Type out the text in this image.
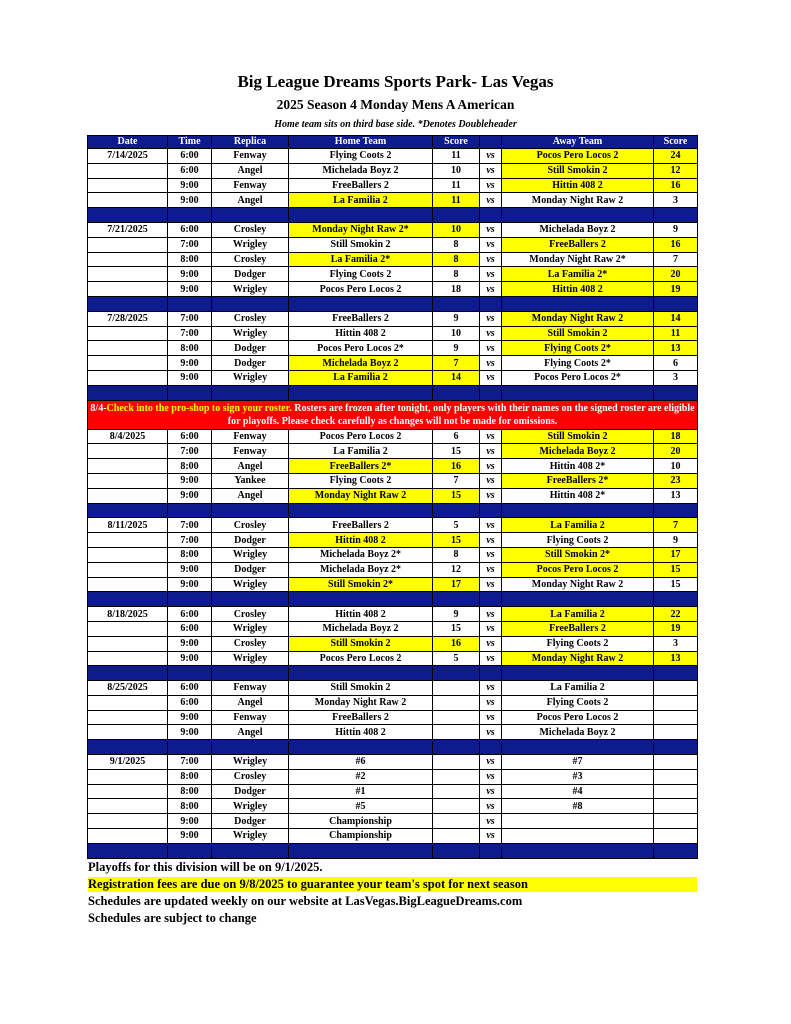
Big League Dreams Sports Park- Las Vegas
2025 Season 4 Monday Mens A American
Home team sits on third base side. *Denotes Doubleheader
Date	Time	Replica	Home Team	Score		Away Team	Score
7/14/2025	6:00	Fenway	Flying Coots 2	11	vs	Pocos Pero Locos 2	24
	6:00	Angel	Michelada Boyz 2	10	vs	Still Smokin 2	12
	9:00	Fenway	FreeBallers 2	11	vs	Hittin 408 2	16
	9:00	Angel	La Familia 2	11	vs	Monday Night Raw 2	3

7/21/2025	6:00	Crosley	Monday Night Raw 2*	10	vs	Michelada Boyz 2	9
	7:00	Wrigley	Still Smokin 2	8	vs	FreeBallers 2	16
	8:00	Crosley	La Familia 2*	8	vs	Monday Night Raw 2*	7
	9:00	Dodger	Flying Coots 2	8	vs	La Familia 2*	20
	9:00	Wrigley	Pocos Pero Locos 2	18	vs	Hittin 408 2	19

7/28/2025	7:00	Crosley	FreeBallers 2	9	vs	Monday Night Raw 2	14
	7:00	Wrigley	Hittin 408 2	10	vs	Still Smokin 2	11
	8:00	Dodger	Pocos Pero Locos 2*	9	vs	Flying Coots 2*	13
	9:00	Dodger	Michelada Boyz 2	7	vs	Flying Coots 2*	6
	9:00	Wrigley	La Familia 2	14	vs	Pocos Pero Locos 2*	3

8/4-Check into the pro-shop to sign your roster. Rosters are frozen after tonight, only players with their names on the signed roster are eligible for playoffs. Please check carefully as changes will not be made for omissions.							
8/4/2025	6:00	Fenway	Pocos Pero Locos 2	6	vs	Still Smokin 2	18
	7:00	Fenway	La Familia 2	15	vs	Michelada Boyz 2	20
	8:00	Angel	FreeBallers 2*	16	vs	Hittin 408 2*	10
	9:00	Yankee	Flying Coots 2	7	vs	FreeBallers 2*	23
	9:00	Angel	Monday Night Raw 2	15	vs	Hittin 408 2*	13

8/11/2025	7:00	Crosley	FreeBallers 2	5	vs	La Familia 2	7
	7:00	Dodger	Hittin 408 2	15	vs	Flying Coots 2	9
	8:00	Wrigley	Michelada Boyz 2*	8	vs	Still Smokin 2*	17
	9:00	Dodger	Michelada Boyz 2*	12	vs	Pocos Pero Locos 2	15
	9:00	Wrigley	Still Smokin 2*	17	vs	Monday Night Raw 2	15

8/18/2025	6:00	Crosley	Hittin 408 2	9	vs	La Familia 2	22
	6:00	Wrigley	Michelada Boyz 2	15	vs	FreeBallers 2	19
	9:00	Crosley	Still Smokin 2	16	vs	Flying Coots 2	3
	9:00	Wrigley	Pocos Pero Locos 2	5	vs	Monday Night Raw 2	13

8/25/2025	6:00	Fenway	Still Smokin 2		vs	La Familia 2	
	6:00	Angel	Monday Night Raw 2		vs	Flying Coots 2	
	9:00	Fenway	FreeBallers 2		vs	Pocos Pero Locos 2	
	9:00	Angel	Hittin 408 2		vs	Michelada Boyz 2	

9/1/2025	7:00	Wrigley	#6		vs	#7	
	8:00	Crosley	#2		vs	#3	
	8:00	Dodger	#1		vs	#4	
	8:00	Wrigley	#5		vs	#8	
	9:00	Dodger	Championship		vs		
	9:00	Wrigley	Championship		vs		

Playoffs for this division will be on 9/1/2025.
Registration fees are due on 9/8/2025 to guarantee your team's spot for next season
Schedules are updated weekly on our website at LasVegas.BigLeagueDreams.com
Schedules are subject to change
